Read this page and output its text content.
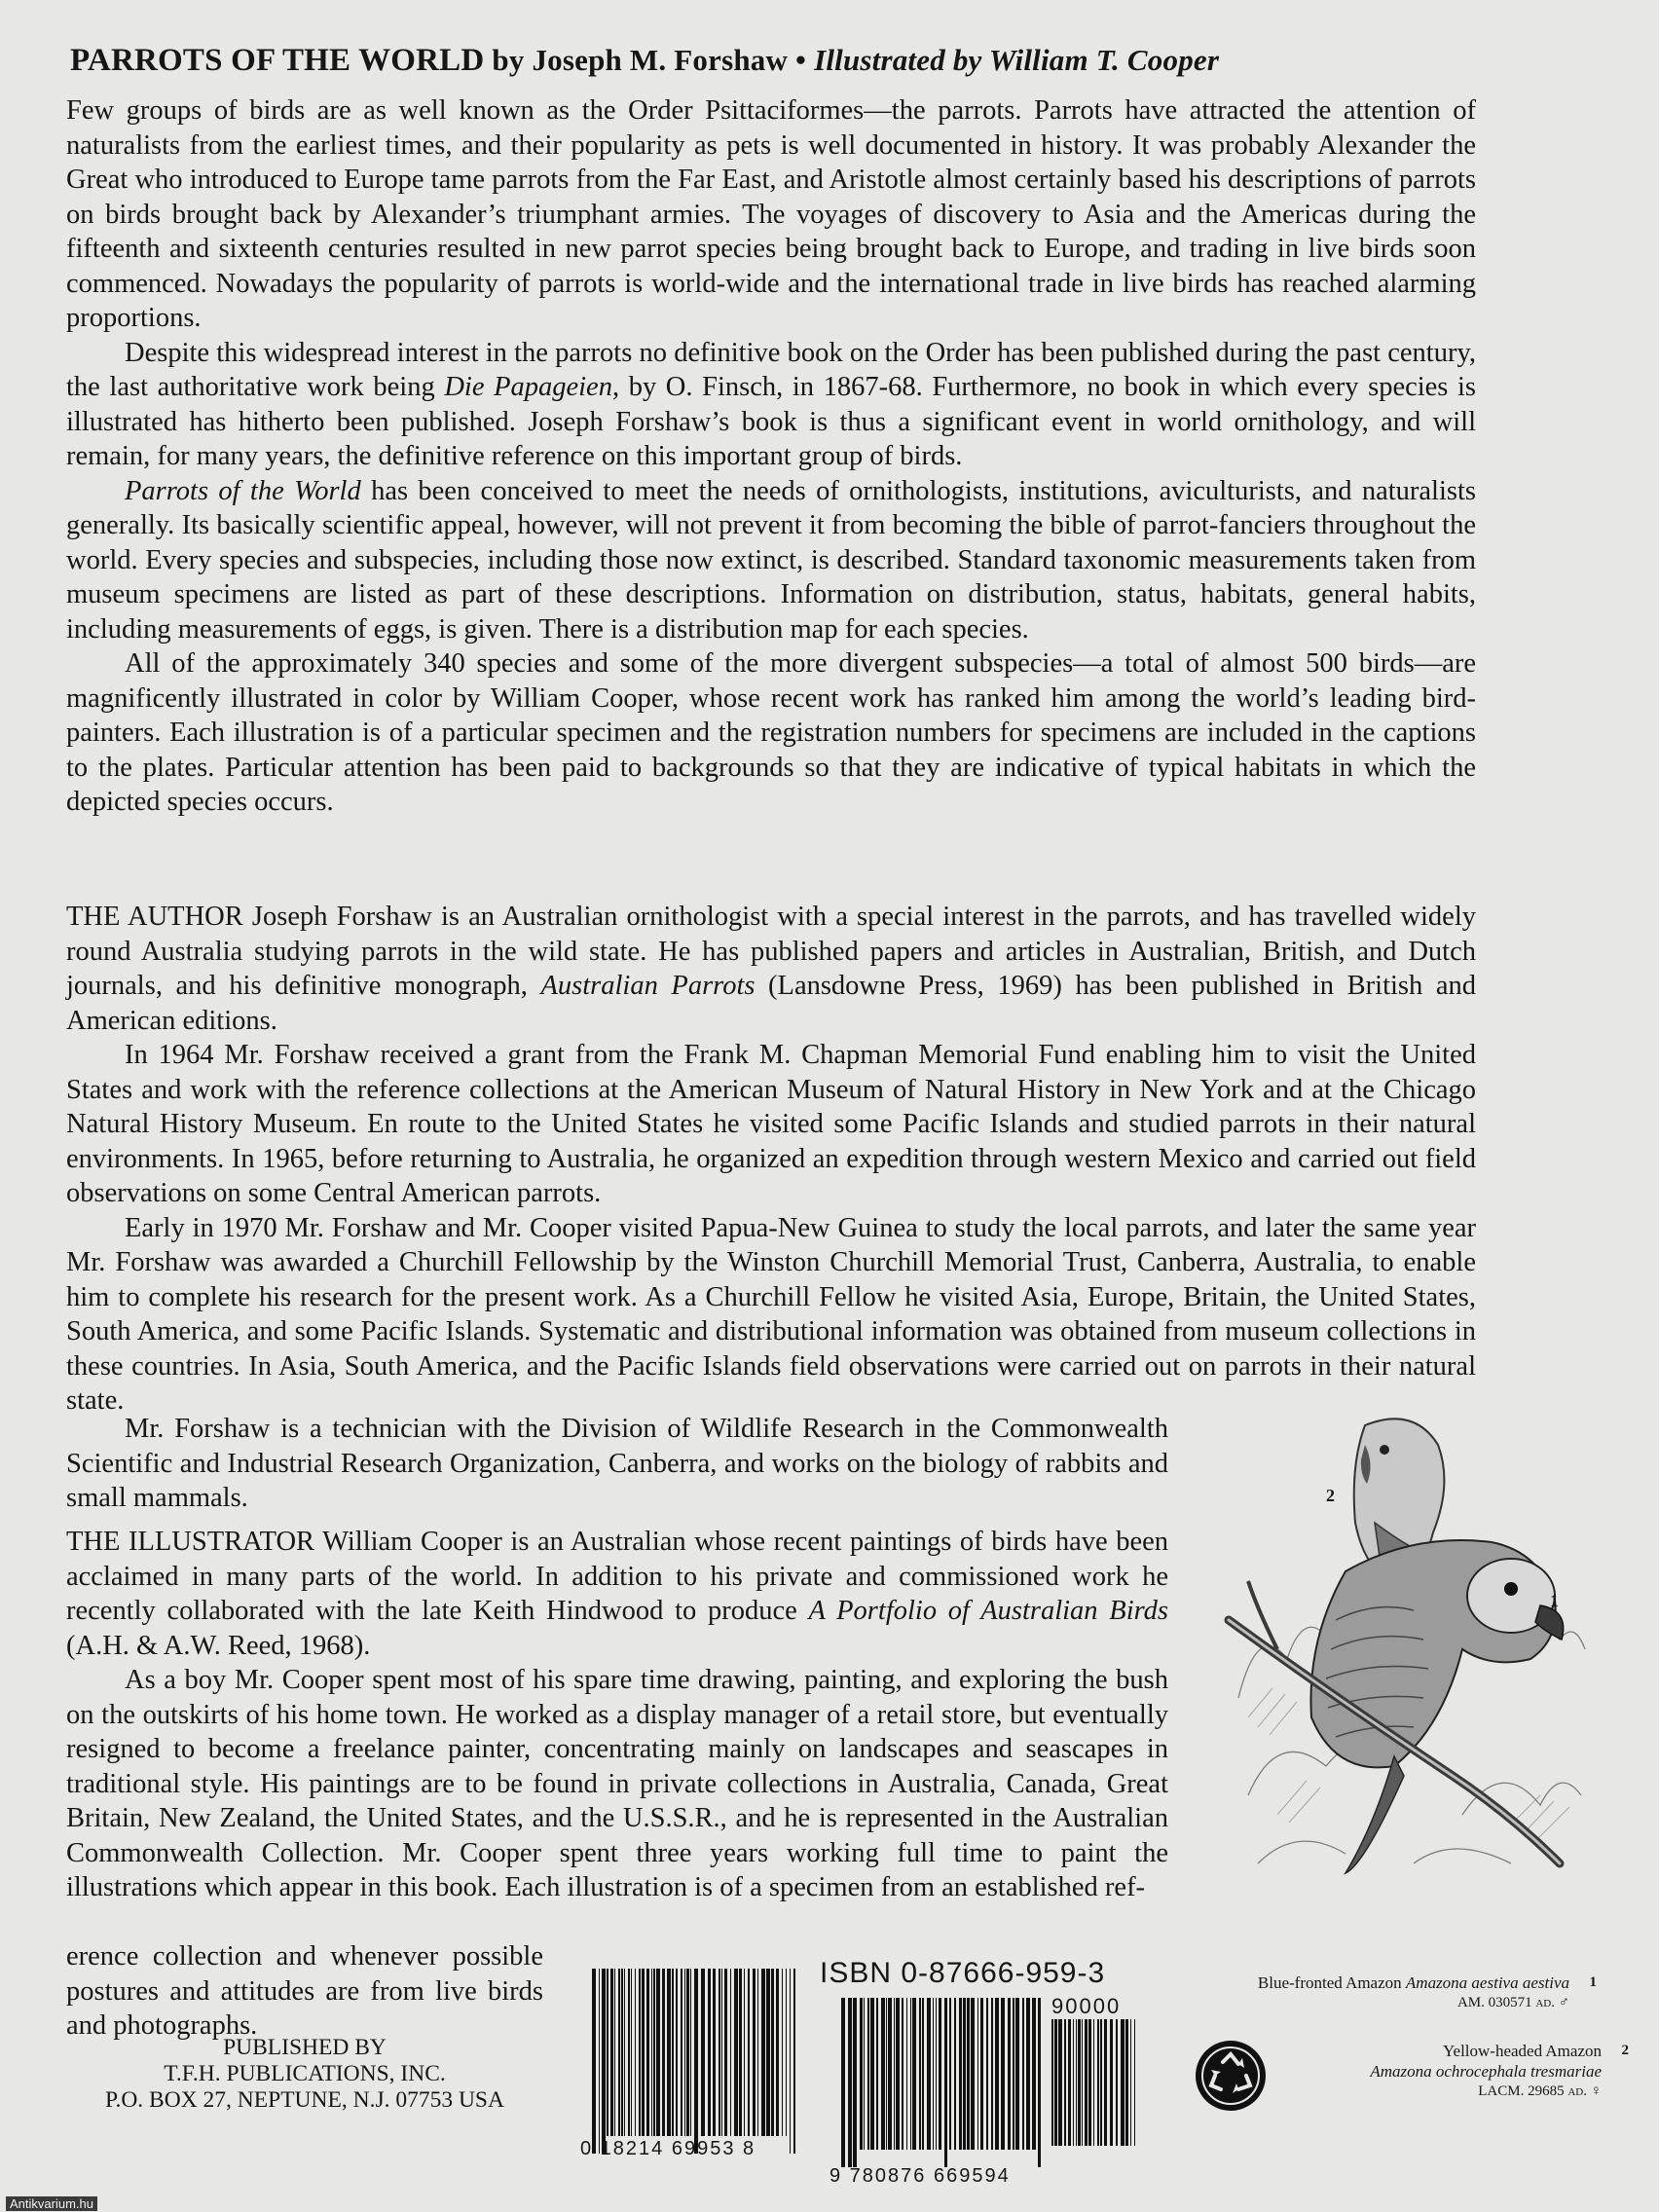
PARROTS OF THE WORLD by Joseph M. Forshaw • Illustrated by William T. Cooper

Few groups of birds are as well known as the Order Psittaciformes—the parrots. Parrots have attracted the attention of naturalists from the earliest times, and their popularity as pets is well documented in history. It was probably Alexander the Great who introduced to Europe tame parrots from the Far East, and Aristotle almost certainly based his descriptions of parrots on birds brought back by Alexander’s triumphant armies. The voyages of discovery to Asia and the Americas during the fifteenth and sixteenth centuries resulted in new parrot species being brought back to Europe, and trading in live birds soon commenced. Nowadays the popularity of parrots is world-wide and the international trade in live birds has reached alarming proportions.

Despite this widespread interest in the parrots no definitive book on the Order has been published during the past century, the last authoritative work being Die Papageien, by O. Finsch, in 1867-68. Furthermore, no book in which every species is illustrated has hitherto been published. Joseph Forshaw’s book is thus a significant event in world ornithology, and will remain, for many years, the definitive reference on this important group of birds.

Parrots of the World has been conceived to meet the needs of ornithologists, institutions, aviculturists, and naturalists generally. Its basically scientific appeal, however, will not prevent it from becoming the bible of parrot-fanciers throughout the world. Every species and subspecies, including those now extinct, is described. Standard taxonomic measurements taken from museum specimens are listed as part of these descriptions. Information on distribution, status, habitats, general habits, including measurements of eggs, is given. There is a distribution map for each species.

All of the approximately 340 species and some of the more divergent subspecies—a total of almost 500 birds—are magnificently illustrated in color by William Cooper, whose recent work has ranked him among the world’s leading bird-painters. Each illustration is of a particular specimen and the registration numbers for specimens are included in the captions to the plates. Particular attention has been paid to backgrounds so that they are indicative of typical habitats in which the depicted species occurs.

THE AUTHOR Joseph Forshaw is an Australian ornithologist with a special interest in the parrots, and has travelled widely round Australia studying parrots in the wild state. He has published papers and articles in Australian, British, and Dutch journals, and his definitive monograph, Australian Parrots (Lansdowne Press, 1969) has been published in British and American editions.

In 1964 Mr. Forshaw received a grant from the Frank M. Chapman Memorial Fund enabling him to visit the United States and work with the reference collections at the American Museum of Natural History in New York and at the Chicago Natural History Museum. En route to the United States he visited some Pacific Islands and studied parrots in their natural environments. In 1965, before returning to Australia, he organized an expedition through western Mexico and carried out field observations on some Central American parrots.

Early in 1970 Mr. Forshaw and Mr. Cooper visited Papua-New Guinea to study the local parrots, and later the same year Mr. Forshaw was awarded a Churchill Fellowship by the Winston Churchill Memorial Trust, Canberra, Australia, to enable him to complete his research for the present work. As a Churchill Fellow he visited Asia, Europe, Britain, the United States, South America, and some Pacific Islands. Systematic and distributional information was obtained from museum collections in these countries. In Asia, South America, and the Pacific Islands field observations were carried out on parrots in their natural state.

Mr. Forshaw is a technician with the Division of Wildlife Research in the Commonwealth Scientific and Industrial Research Organization, Canberra, and works on the biology of rabbits and small mammals.

THE ILLUSTRATOR William Cooper is an Australian whose recent paintings of birds have been acclaimed in many parts of the world. In addition to his private and commissioned work he recently collaborated with the late Keith Hindwood to produce A Portfolio of Australian Birds (A.H. & A.W. Reed, 1968).

As a boy Mr. Cooper spent most of his spare time drawing, painting, and exploring the bush on the outskirts of his home town. He worked as a display manager of a retail store, but eventually resigned to become a freelance painter, concentrating mainly on landscapes and seascapes in traditional style. His paintings are to be found in private collections in Australia, Canada, Great Britain, New Zealand, the United States, and the U.S.S.R., and he is represented in the Australian Commonwealth Collection. Mr. Cooper spent three years working full time to paint the illustrations which appear in this book. Each illustration is of a specimen from an established ref-

erence collection and whenever possible postures and attitudes are from live birds and photographs.

PUBLISHED BY
T.F.H. PUBLICATIONS, INC.
P.O. BOX 27, NEPTUNE, N.J. 07753 USA
0 18214 69953 8
ISBN 0-87666-959-3
90000
9 780876 669594
2
1
Blue-fronted Amazon Amazona aestiva aestiva
AM. 030571 ad. ♂
1
Yellow-headed Amazon
Amazona ochrocephala tresmariae
LACM. 29685 ad. ♀
2
Antikvarium.hu
